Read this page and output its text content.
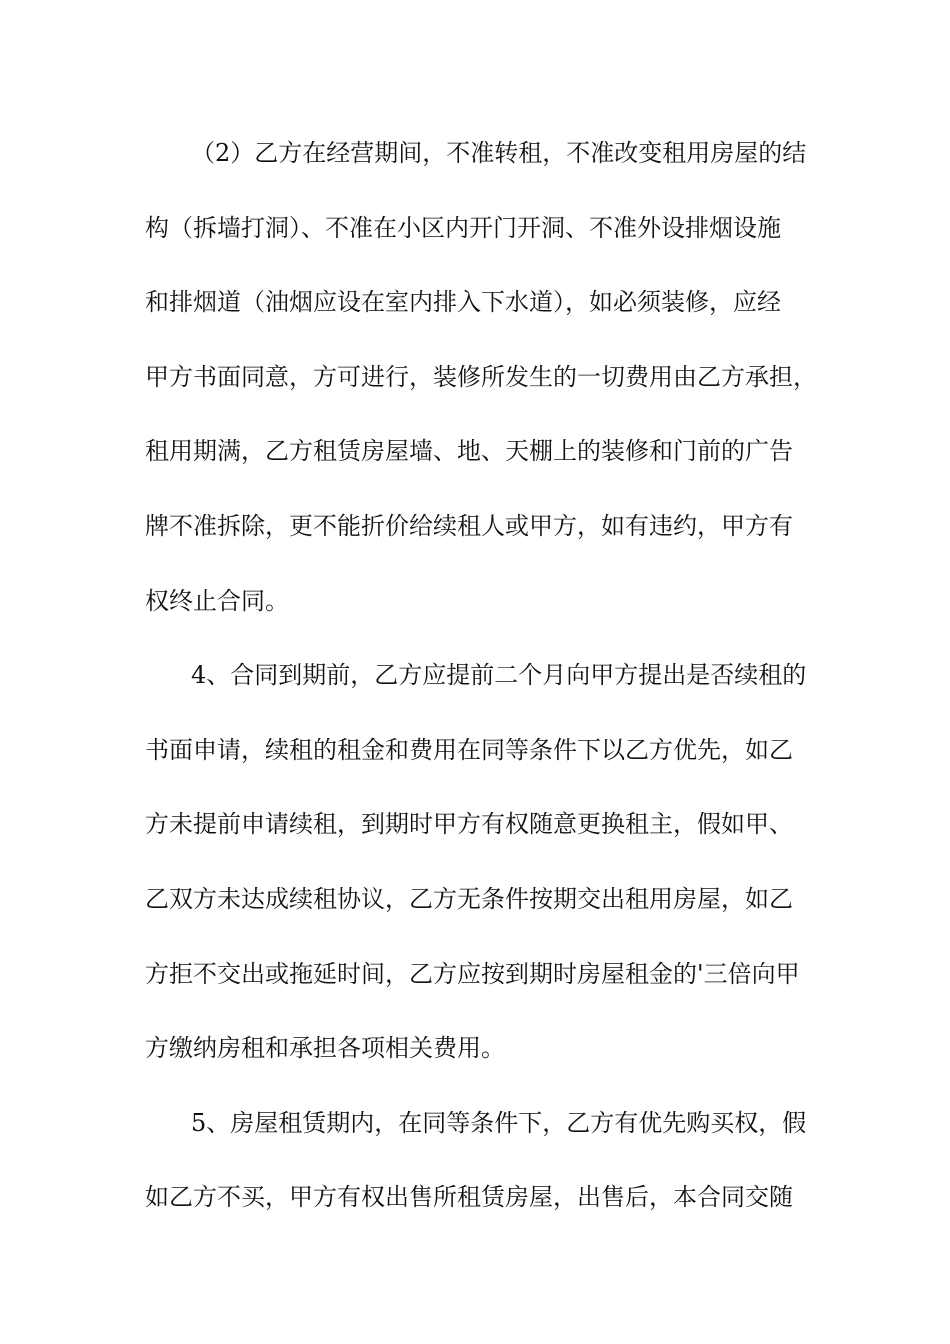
（2）乙方在经营期间，不准转租，不准改变租用房屋的结
构（拆墙打洞）、不准在小区内开门开洞、不准外设排烟设施
和排烟道（油烟应设在室内排入下水道），如必须装修，应经
甲方书面同意，方可进行，装修所发生的一切费用由乙方承担，
租用期满，乙方租赁房屋墙、地、天棚上的装修和门前的广告
牌不准拆除，更不能折价给续租人或甲方，如有违约，甲方有
权终止合同。
4、合同到期前，乙方应提前二个月向甲方提出是否续租的
书面申请，续租的租金和费用在同等条件下以乙方优先，如乙
方未提前申请续租，到期时甲方有权随意更换租主，假如甲、
乙双方未达成续租协议，乙方无条件按期交出租用房屋，如乙
方拒不交出或拖延时间，乙方应按到期时房屋租金的'三倍向甲
方缴纳房租和承担各项相关费用。
5、房屋租赁期内，在同等条件下，乙方有优先购买权，假
如乙方不买，甲方有权出售所租赁房屋，出售后，本合同交随
